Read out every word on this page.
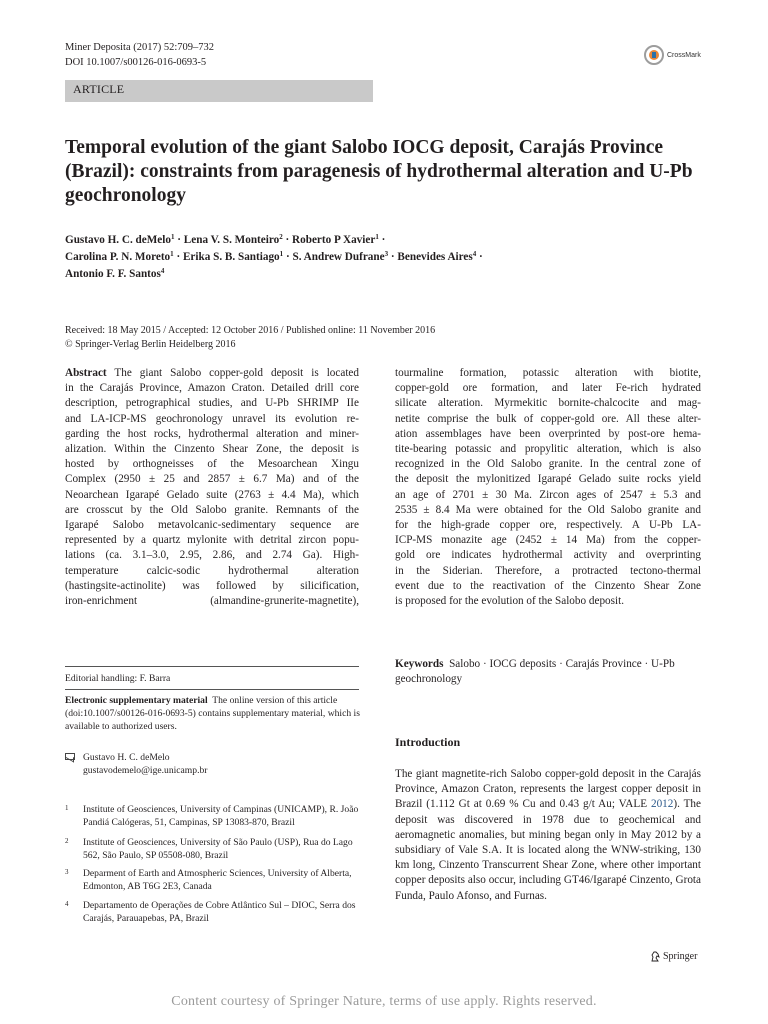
Miner Deposita (2017) 52:709–732
DOI 10.1007/s00126-016-0693-5
CrossMark
ARTICLE
Temporal evolution of the giant Salobo IOCG deposit, Carajás Province (Brazil): constraints from paragenesis of hydrothermal alteration and U-Pb geochronology
Gustavo H. C. deMelo$^1$ · Lena V. S. Monteiro$^2$ · Roberto P Xavier$^1$ ·
Carolina P. N. Moreto$^1$ · Erika S. B. Santiago$^1$ · S. Andrew Dufrane$^3$ · Benevides Aires$^4$ ·
Antonio F. F. Santos$^4$
Received: 18 May 2015 / Accepted: 12 October 2016 / Published online: 11 November 2016
© Springer-Verlag Berlin Heidelberg 2016
Abstract The giant Salobo copper-gold deposit is located
in the Carajás Province, Amazon Craton. Detailed drill core
description, petrographical studies, and U-Pb SHRIMP IIe
and LA-ICP-MS geochronology unravel its evolution re-
garding the host rocks, hydrothermal alteration and miner-
alization. Within the Cinzento Shear Zone, the deposit is
hosted by orthogneisses of the Mesoarchean Xingu
Complex (2950 ± 25 and 2857 ± 6.7 Ma) and of the
Neoarchean Igarapé Gelado suite (2763 ± 4.4 Ma), which
are crosscut by the Old Salobo granite. Remnants of the
Igarapé Salobo metavolcanic-sedimentary sequence are
represented by a quartz mylonite with detrital zircon popu-
lations (ca. 3.1–3.0, 2.95, 2.86, and 2.74 Ga). High-
temperature calcic-sodic hydrothermal alteration
(hastingsite-actinolite) was followed by silicification,
iron-enrichment (almandine-grunerite-magnetite),
tourmaline formation, potassic alteration with biotite,
copper-gold ore formation, and later Fe-rich hydrated
silicate alteration. Myrmekitic bornite-chalcocite and mag-
netite comprise the bulk of copper-gold ore. All these alter-
ation assemblages have been overprinted by post-ore hema-
tite-bearing potassic and propylitic alteration, which is also
recognized in the Old Salobo granite. In the central zone of
the deposit the mylonitized Igarapé Gelado suite rocks yield
an age of 2701 ± 30 Ma. Zircon ages of 2547 ± 5.3 and
2535 ± 8.4 Ma were obtained for the Old Salobo granite and
for the high-grade copper ore, respectively. A U-Pb LA-
ICP-MS monazite age (2452 ± 14 Ma) from the copper-
gold ore indicates hydrothermal activity and overprinting
in the Siderian. Therefore, a protracted tectono-thermal
event due to the reactivation of the Cinzento Shear Zone
is proposed for the evolution of the Salobo deposit.
Keywords Salobo · IOCG deposits · Carajás Province · U-Pb geochronology
Editorial handling: F. Barra
Electronic supplementary material The online version of this article (doi:10.1007/s00126-016-0693-5) contains supplementary material, which is available to authorized users.
Gustavo H. C. deMelo
gustavodemelo@ige.unicamp.br
1 Institute of Geosciences, University of Campinas (UNICAMP), R. João Pandiá Calógeras, 51, Campinas, SP 13083-870, Brazil
2 Institute of Geosciences, University of São Paulo (USP), Rua do Lago 562, São Paulo, SP 05508-080, Brazil
3 Deparment of Earth and Atmospheric Sciences, University of Alberta, Edmonton, AB T6G 2E3, Canada
4 Departamento de Operações de Cobre Atlântico Sul – DIOC, Serra dos Carajás, Parauapebas, PA, Brazil
Introduction
The giant magnetite-rich Salobo copper-gold deposit in the Carajás Province, Amazon Craton, represents the largest copper deposit in Brazil (1.112 Gt at 0.69 % Cu and 0.43 g/t Au; VALE 2012). The deposit was discovered in 1978 due to geochemical and aeromagnetic anomalies, but mining began only in May 2012 by a subsidiary of Vale S.A. It is located along the WNW-striking, 130 km long, Cinzento Transcurrent Shear Zone, where other important copper deposits also occur, including GT46/Igarapé Cinzento, Grota Funda, Paulo Afonso, and Furnas.
Springer
Content courtesy of Springer Nature, terms of use apply. Rights reserved.
